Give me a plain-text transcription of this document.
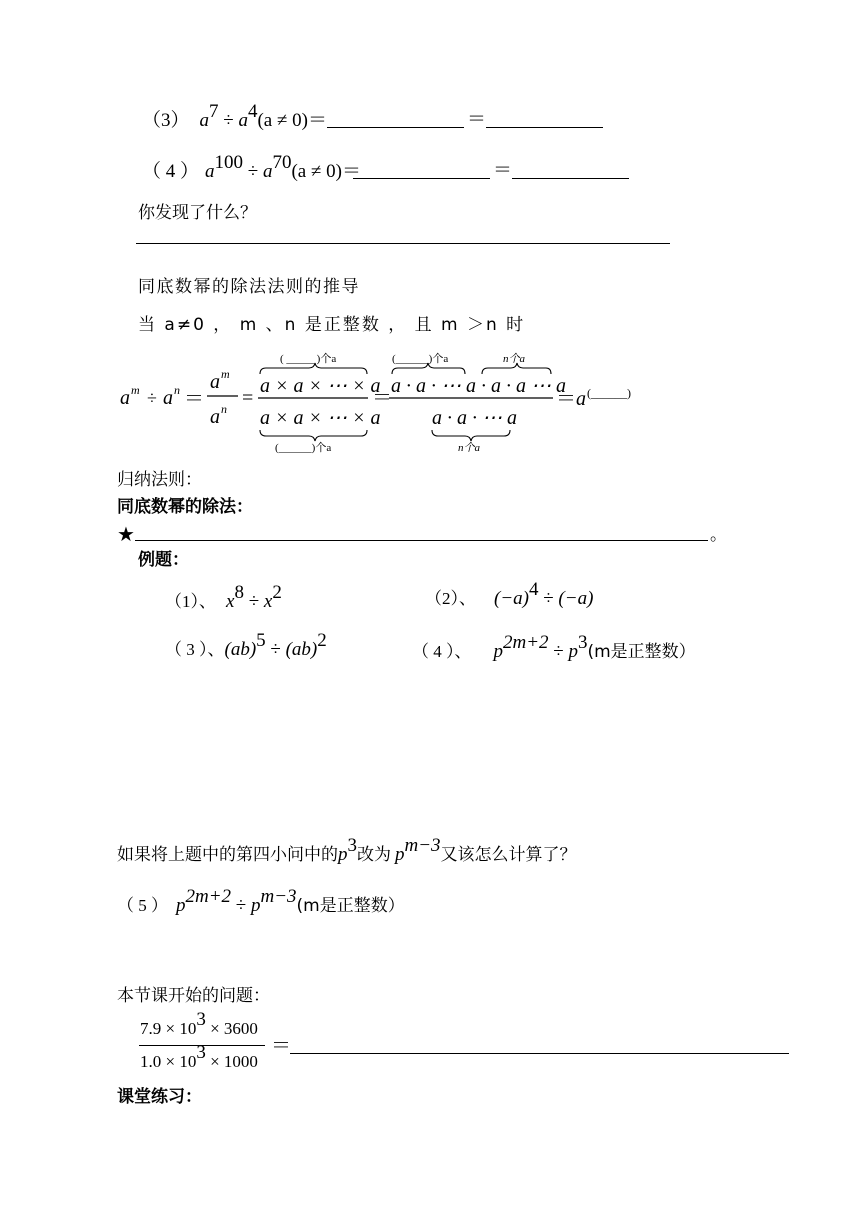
（3） $a^7 \div a^4(a \ne 0)=$	＝
（ 4 ） $a^{100} \div a^{70}(a \ne 0)=$	＝
你发现了什么？
同底数幂的除法法则的推导
当 a≠0 ， m 、n 是正整数 ， 且 m ＞n 时
a m ÷ a n ＝
a m
a n =
( _____ )个a
a × a × ⋯ × a
a × a × ⋯ × a
(______)个a
＝
(______)个a	n个a
a · a · ⋯ a · a · a ⋯ a
a · a · ⋯ a
n个a
＝ a (______)
归纳法则：
同底数幂的除法：
★	。
例题：
（1）、 $x^8 \div x^2$	（2）、 $(-a)^4 \div (-a)$
（ 3 ）、(ab)$^5$ ÷ (ab)$^2$
（ 4 ）、 $p^{2m+2} \div p^3(m$是正整数）
如果将上题中的第四小问中的$p^3$改为 $p^{m-3}$又该怎么计算了？
（ 5 ） $p^{2m+2} \div p^{m-3}(m$是正整数）
本节课开始的问题：
$7.9 \times 10^3 \times 3600$
$1.0 \times 10^3 \times 1000$
＝
课堂练习：
